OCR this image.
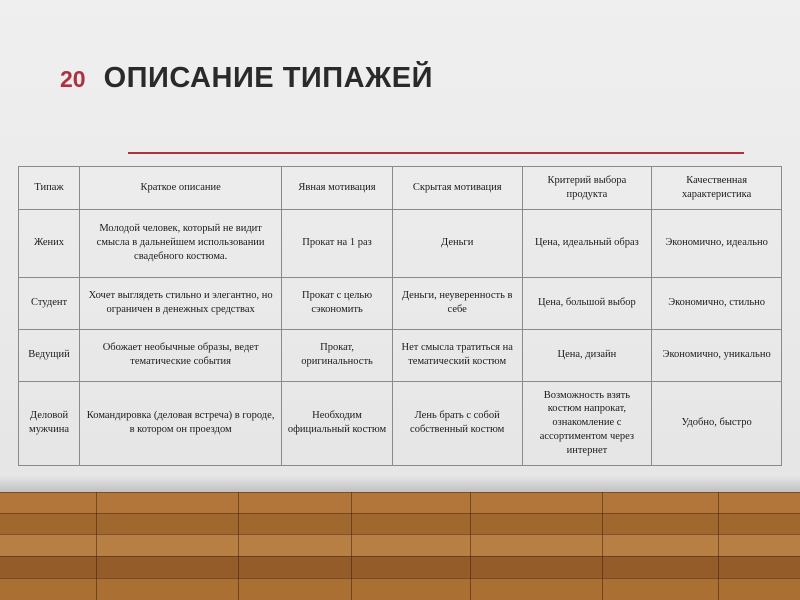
20 ОПИСАНИЕ ТИПАЖЕЙ
Типаж	Краткое описание	Явная мотивация	Скрытая мотивация	Критерий выбора продукта	Качественная характеристика
Жених	Молодой человек, который не видит смысла в дальнейшем использовании свадебного костюма.	Прокат на 1 раз	Деньги	Цена, идеальный образ	Экономично, идеально
Студент	Хочет выглядеть стильно и элегантно, но ограничен в денежных средствах	Прокат с целью сэкономить	Деньги, неуверенность в себе	Цена, большой выбор	Экономично, стильно
Ведущий	Обожает необычные образы, ведет тематические события	Прокат, оригинальность	Нет смысла тратиться на тематический костюм	Цена, дизайн	Экономично, уникально
Деловой мужчина	Командировка (деловая встреча) в городе, в котором он проездом	Необходим официальный костюм	Лень брать с собой собственный костюм	Возможность взять костюм напрокат, ознакомление с ассортиментом через интернет	Удобно, быстро
